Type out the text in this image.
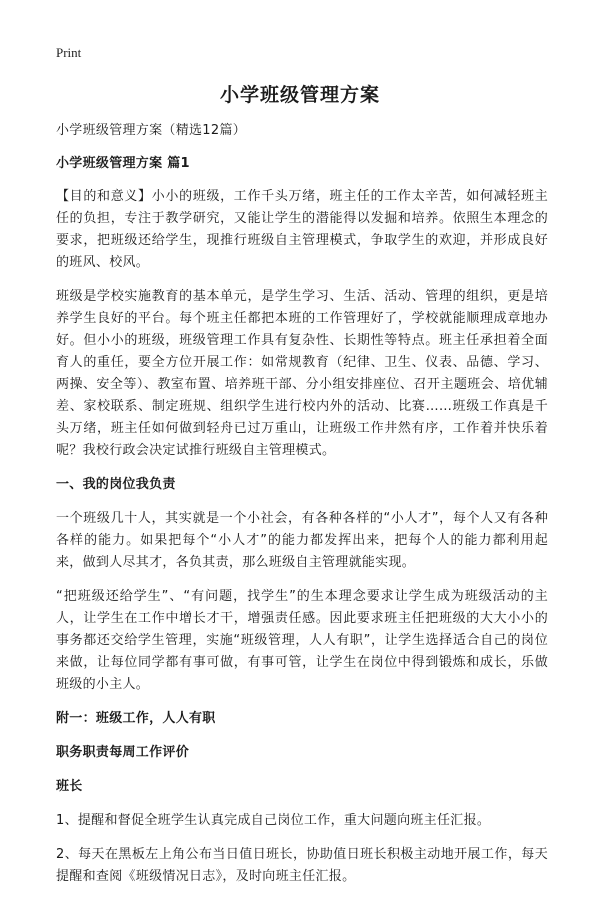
Print
小学班级管理方案

小学班级管理方案（精选12篇）

小学班级管理方案 篇1

【目的和意义】小小的班级，工作千头万绪，班主任的工作太辛苦，如何减轻班主任的负担，专注于教学研究，又能让学生的潜能得以发掘和培养。依照生本理念的要求，把班级还给学生，现推行班级自主管理模式，争取学生的欢迎，并形成良好的班风、校风。

班级是学校实施教育的基本单元，是学生学习、生活、活动、管理的组织，更是培养学生良好的平台。每个班主任都把本班的工作管理好了，学校就能顺理成章地办好。但小小的班级，班级管理工作具有复杂性、长期性等特点。班主任承担着全面育人的重任，要全方位开展工作：如常规教育（纪律、卫生、仪表、品德、学习、两操、安全等）、教室布置、培养班干部、分小组安排座位、召开主题班会、培优辅差、家校联系、制定班规、组织学生进行校内外的活动、比赛……班级工作真是千头万绪，班主任如何做到轻舟已过万重山，让班级工作井然有序，工作着并快乐着呢？我校行政会决定试推行班级自主管理模式。

一、我的岗位我负责

一个班级几十人，其实就是一个小社会，有各种各样的“小人才”，每个人又有各种各样的能力。如果把每个“小人才”的能力都发挥出来，把每个人的能力都利用起来，做到人尽其才，各负其责，那么班级自主管理就能实现。

“把班级还给学生”、“有问题，找学生”的生本理念要求让学生成为班级活动的主人，让学生在工作中增长才干，增强责任感。因此要求班主任把班级的大大小小的事务都还交给学生管理，实施“班级管理，人人有职”，让学生选择适合自己的岗位来做，让每位同学都有事可做，有事可管，让学生在岗位中得到锻炼和成长，乐做班级的小主人。

附一：班级工作，人人有职

职务职责每周工作评价

班长

1、提醒和督促全班学生认真完成自己岗位工作，重大问题向班主任汇报。

2、每天在黑板左上角公布当日值日班长，协助值日班长积极主动地开展工作，每天提醒和查阅《班级情况日志》，及时向班主任汇报。
